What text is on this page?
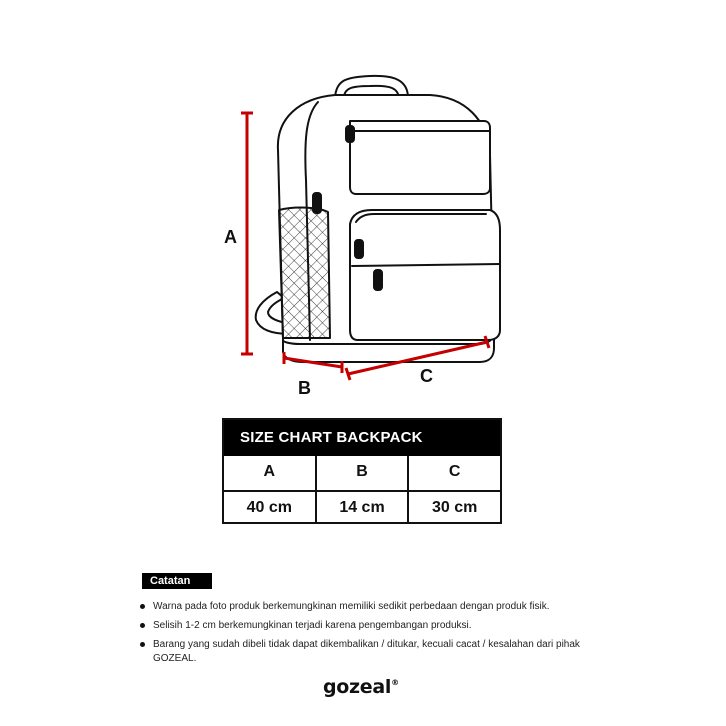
A
B
C
SIZE CHART BACKPACK
A	B	C
40 cm	14 cm	30 cm
Catatan
Warna pada foto produk berkemungkinan memiliki sedikit perbedaan dengan produk fisik.
Selisih 1-2 cm berkemungkinan terjadi karena pengembangan produksi.
Barang yang sudah dibeli tidak dapat dikembalikan / ditukar, kecuali cacat / kesalahan dari pihak GOZEAL.
gozeal®
